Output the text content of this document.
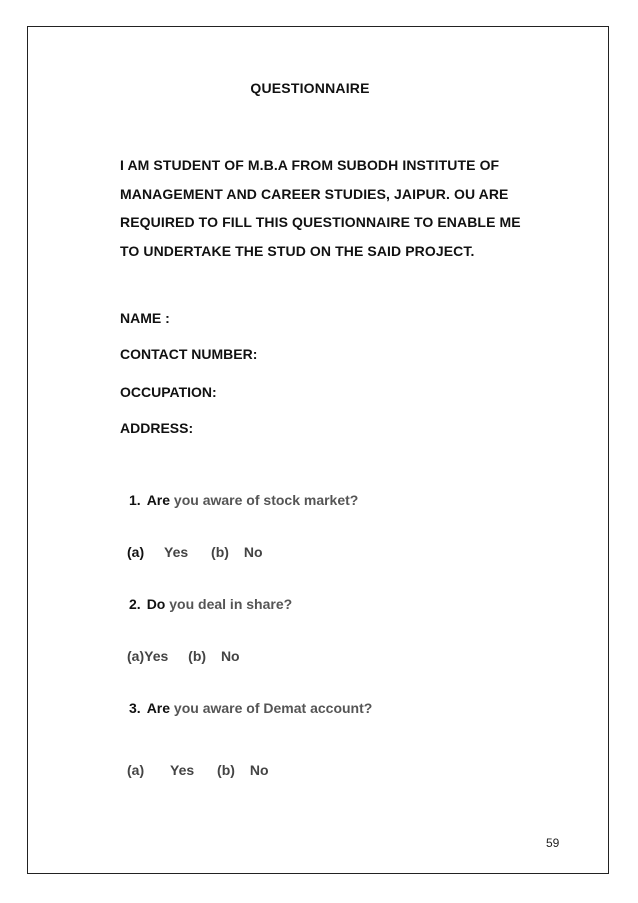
QUESTIONNAIRE
I AM STUDENT OF M.B.A FROM SUBODH INSTITUTE OF
MANAGEMENT AND CAREER STUDIES, JAIPUR. OU ARE
REQUIRED TO FILL THIS QUESTIONNAIRE TO ENABLE ME
TO UNDERTAKE THE STUD ON THE SAID PROJECT.
NAME :
CONTACT NUMBER:
OCCUPATION:
ADDRESS:
1. Are you aware of stock market?
(a) Yes (b) No
2. Do you deal in share?
(a)Yes (b) No
3. Are you aware of Demat account?
(a) Yes (b) No
59
